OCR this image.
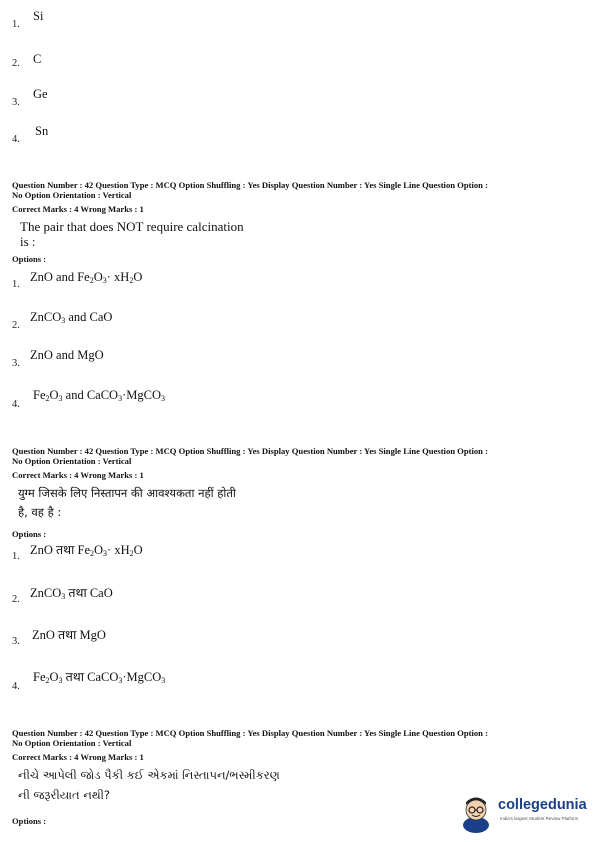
1.
Si
2. C
3.
Ge
4.
Sn
Question Number : 42 Question Type : MCQ Option Shuffling : Yes Display Question Number : Yes Single Line Question Option :
No Option Orientation : Vertical
Correct Marks : 4 Wrong Marks : 1
The pair that does NOT require calcination
is :
Options :
1.
ZnO and $Fe_2O_3\cdot xH_2O$
2.
ZnCO$_3$ and CaO
3.
ZnO and MgO
4.
$Fe_2O_3$ and CaCO$_3$·MgCO$_3$
Question Number : 42 Question Type : MCQ Option Shuffling : Yes Display Question Number : Yes Single Line Question Option :
No Option Orientation : Vertical
Correct Marks : 4 Wrong Marks : 1
युग्म जिसके लिए निस्तापन की आवश्यकता नहीं होती
है, वह है :
Options :
1. ZnO तथा $Fe_2O_3\cdot xH_2O$
2. ZnCO$_3$ तथा CaO
3. ZnO तथा MgO
4.
$Fe_2O_3$ तथा CaCO$_3$·MgCO$_3$
Question Number : 42 Question Type : MCQ Option Shuffling : Yes Display Question Number : Yes Single Line Question Option :
No Option Orientation : Vertical
Correct Marks : 4 Wrong Marks : 1
નીચે આપેલી જોડ પૈકી કઈ એકમાં નિસ્તાપન/ભસ્મીકરણ
ની જરૂરીયાત નથી?
Options :
collegedunia
India's largest Student Review Platform
